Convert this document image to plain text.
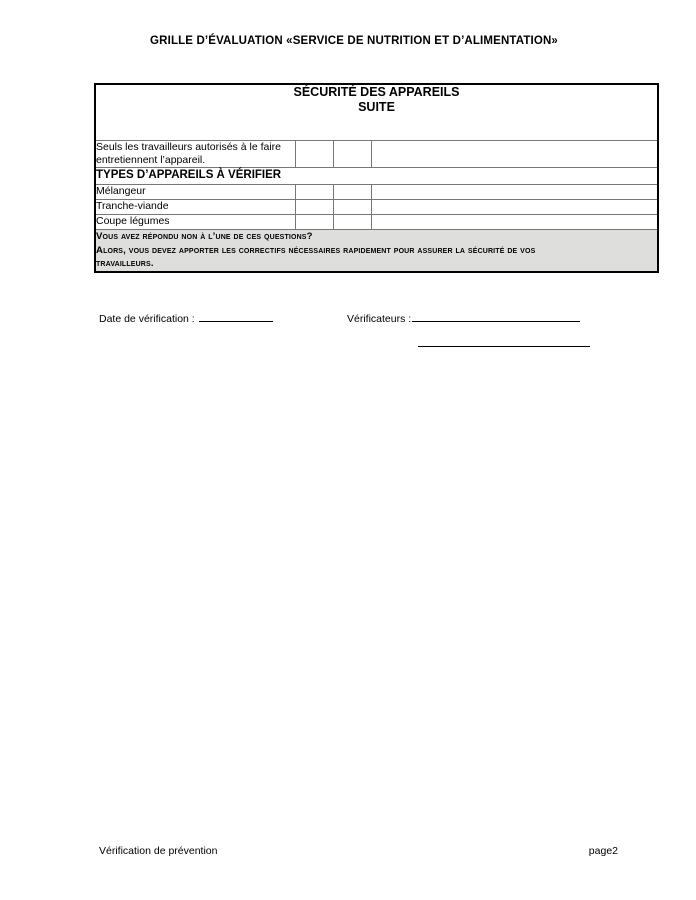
GRILLE D’ÉVALUATION «SERVICE DE NUTRITION ET D’ALIMENTATION»
SÉCURITÉ DES APPAREILS
SUITE			

Seuls les travailleurs autorisés à le faire entretiennent l’appareil.			
TYPES D’APPAREILS À VÉRIFIER			
Mélangeur			
Tranche-viande			
Coupe légumes			

Vous avez répondu non à l’une de ces questions?
Alors, vous devez apporter les correctifs nécessaires rapidement pour assurer la sécurité de vos
travailleurs.			
Date de vérification :	Vérificateurs :
Vérification de prévention	page2
